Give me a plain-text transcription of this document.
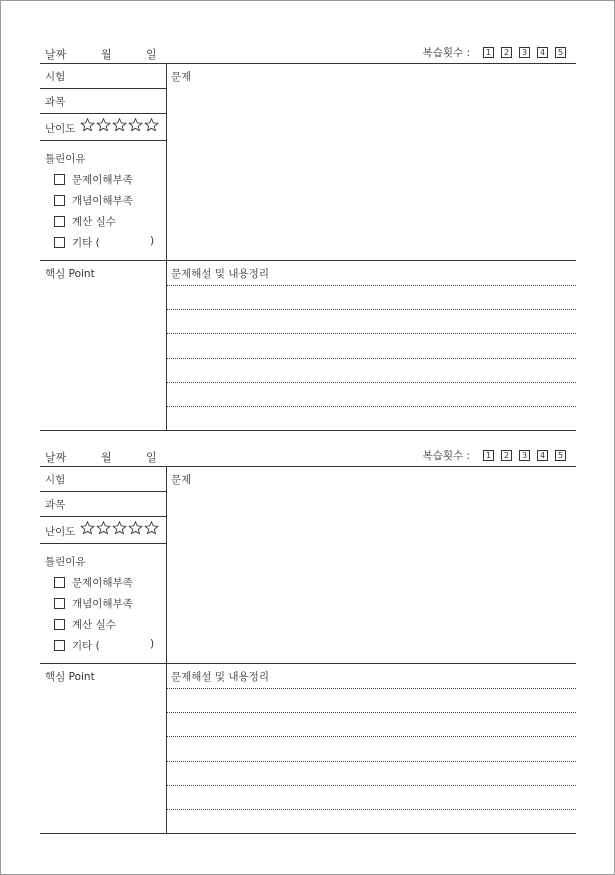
날짜	월	일	복습횟수 :	1	2	3	4	5
시험
과목
난이도
틀린이유
문제이해부족
개념이해부족
계산 실수
기타 (	)
문제
핵심 Point	문제해설 및 내용정리
날짜	월	일	복습횟수 :	1	2	3	4	5
시험
과목
난이도
틀린이유
문제이해부족
개념이해부족
계산 실수
기타 (	)
문제
핵심 Point	문제해설 및 내용정리
